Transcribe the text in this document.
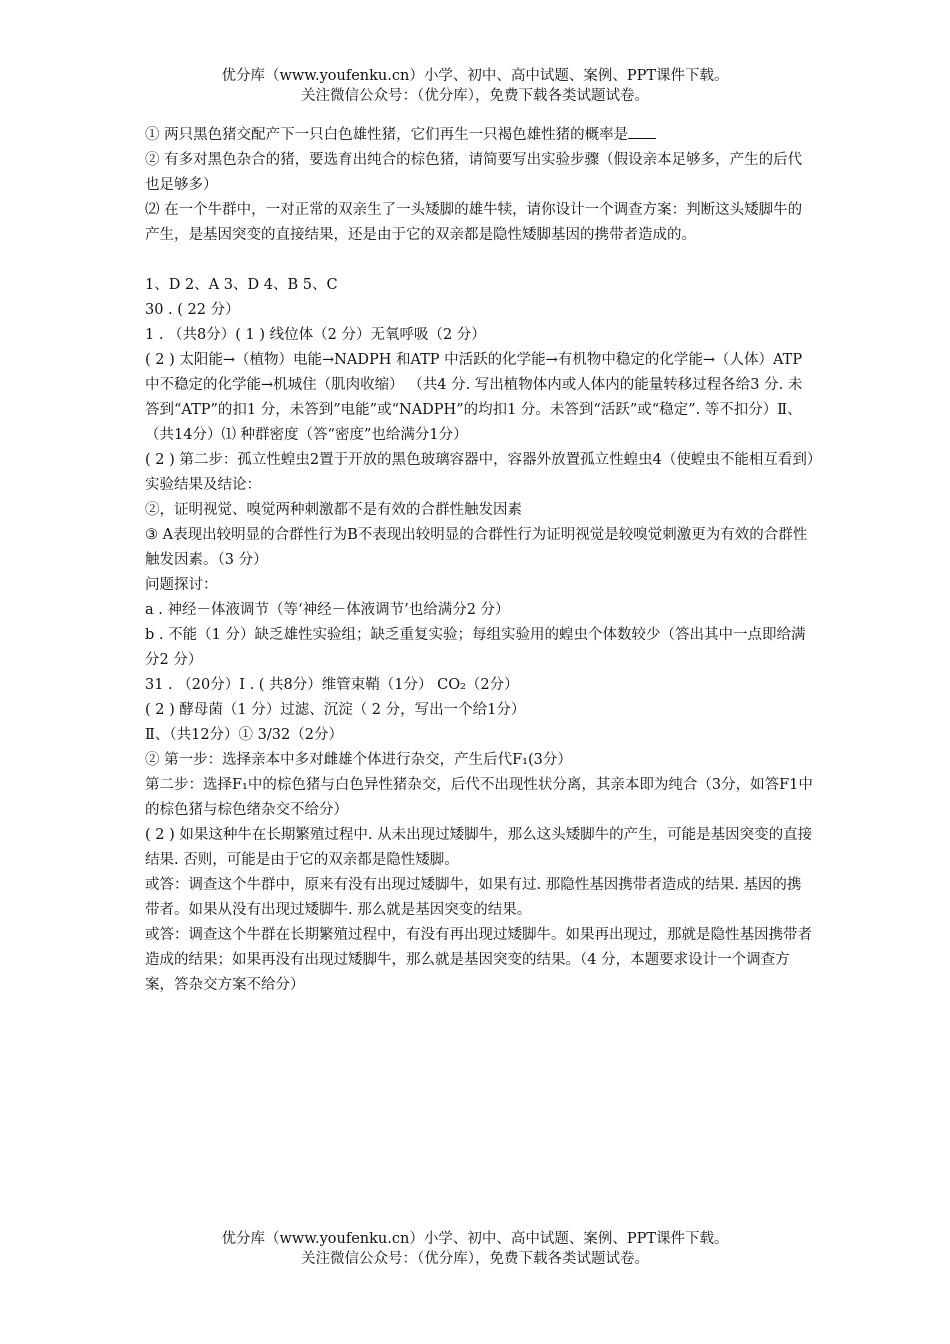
优分库（www.youfenku.cn）小学、初中、高中试题、案例、PPT课件下载。
关注微信公众号：（优分库），免费下载各类试题试卷。

① 两只黑色猪交配产下一只白色雄性猪，它们再生一只褐色雄性猪的概率是

② 有多对黑色杂合的猪，要选育出纯合的棕色猪，请简要写出实验步骤（假设亲本足够多，产生的后代也足够多）

⑵ 在一个牛群中，一对正常的双亲生了一头矮脚的雄牛犊，请你设计一个调查方案：判断这头矮脚牛的产生，是基因突变的直接结果，还是由于它的双亲都是隐性矮脚基因的携带者造成的。

1、D 2、A 3、D 4、B 5、C

30 . ( 22 分）

1 . （共8分）( 1 ) 线位体（2 分）无氧呼吸（2 分）

( 2 ) 太阳能→（植物）电能→NADPH 和ATP 中活跃的化学能→有机物中稳定的化学能→（人体）ATP 中不稳定的化学能→机城住（肌肉收缩） （共4 分. 写出植物体内或人体内的能量转移过程各给3 分. 未答到“ATP”的扣1 分，未答到”电能”或“NADPH”的均扣1 分。未答到“活跃”或“稳定”. 等不扣分）Ⅱ、（共14分）⑴ 种群密度（答“密度”也给满分1分）

( 2 ) 第二步：孤立性蝗虫2置于开放的黑色玻璃容器中，容器外放置孤立性蝗虫4（使蝗虫不能相互看到）

实验结果及结论：

②，证明视觉、嗅觉两种刺激都不是有效的合群性触发因素

③ A表现出较明显的合群性行为B不表现出较明显的合群性行为证明视觉是较嗅觉刺激更为有效的合群性触发因素。（3 分）

问题探讨：

a . 神经－体液调节（等‘神经－体液调节’也给满分2 分）

b . 不能（1 分）缺乏雄性实验组；缺乏重复实验；每组实验用的蝗虫个体数较少（答出其中一点即给满分2 分）

31 . （20分）Ⅰ . ( 共8分）维管束鞘（1分） CO₂（2分）

( 2 ) 酵母菌（1 分）过滤、沉淀（ 2 分，写出一个给1分）

Ⅱ、（共12分）① 3/32（2分）

② 第一步：选择亲本中多对雌雄个体进行杂交，产生后代F₁(3分）

第二步：选择F₁中的棕色猪与白色异性猪杂交，后代不出现性状分离，其亲本即为纯合（3分，如答F1中的棕色猪与棕色绪杂交不给分）

( 2 ) 如果这种牛在长期繁殖过程中. 从未出现过矮脚牛，那么这头矮脚牛的产生，可能是基因突变的直接结果. 否则，可能是由于它的双亲都是隐性矮脚。

或答：调查这个牛群中，原来有没有出现过矮脚牛，如果有过. 那隐性基因携带者造成的结果. 基因的携带者。如果从没有出现过矮脚牛. 那么就是基因突变的结果。

或答：调查这个牛群在长期繁殖过程中，有没有再出现过矮脚牛。如果再出现过，那就是隐性基因携带者造成的结果；如果再没有出现过矮脚牛，那么就是基因突变的结果。（4 分，本题要求设计一个调查方案，答杂交方案不给分）

优分库（www.youfenku.cn）小学、初中、高中试题、案例、PPT课件下载。
关注微信公众号：（优分库），免费下载各类试题试卷。
